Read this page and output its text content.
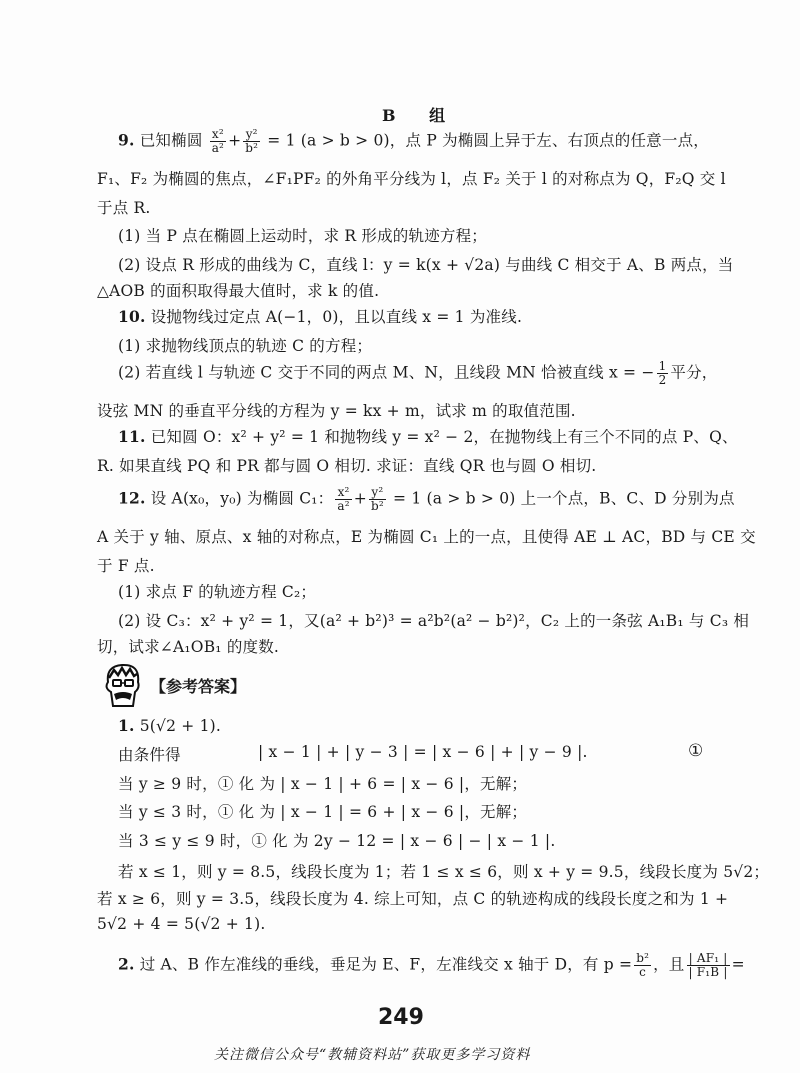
B 组
9. 已知椭圆 $\frac{\text{x²}}{\text{a²}} + \frac{\text{y²}}{\text{b²}} = 1$ (a > b > 0)，点 P 为椭圆上异于左、右顶点的任意一点，
F₁、F₂ 为椭圆的焦点，∠F₁PF₂ 的外角平分线为 l，点 F₂ 关于 l 的对称点为 Q，F₂Q 交 l
于点 R.
(1) 当 P 点在椭圆上运动时，求 R 形成的轨迹方程；
(2) 设点 R 形成的曲线为 C，直线 l：y = k(x + √2a) 与曲线 C 相交于 A、B 两点，当
△AOB 的面积取得最大值时，求 k 的值.
10. 设抛物线过定点 A(−1，0)，且以直线 x = 1 为准线.
(1) 求抛物线顶点的轨迹 C 的方程；
(2) 若直线 l 与轨迹 C 交于不同的两点 M、N，且线段 MN 恰被直线 x = − $\frac{1}{2}$ 平分，
设弦 MN 的垂直平分线的方程为 y = kx + m，试求 m 的取值范围.
11. 已知圆 O：x² + y² = 1 和抛物线 y = x² − 2，在抛物线上有三个不同的点 P、Q、
R. 如果直线 PQ 和 PR 都与圆 O 相切. 求证：直线 QR 也与圆 O 相切.
12. 设 A(x₀，y₀) 为椭圆 C₁： $\frac{\text{x²}}{\text{a²}} + \frac{\text{y²}}{\text{b²}} = 1$ (a > b > 0) 上一个点，B、C、D 分别为点
A 关于 y 轴、原点、x 轴的对称点，E 为椭圆 C₁ 上的一点，且使得 AE ⊥ AC，BD 与 CE 交
于 F 点.
(1) 求点 F 的轨迹方程 C₂；
(2) 设 C₃：x² + y² = 1，又(a² + b²)³ = a²b²(a² − b²)²，C₂ 上的一条弦 A₁B₁ 与 C₃ 相
切，试求∠A₁OB₁ 的度数.
【参考答案】
1. 5(√2 + 1).
由条件得	| x − 1 | + | y − 3 | = | x − 6 | + | y − 9 |.	①
当 y ≥ 9 时，① 化 为 | x − 1 | + 6 = | x − 6 |，无解；
当 y ≤ 3 时，① 化 为 | x − 1 | = 6 + | x − 6 |，无解；
当 3 ≤ y ≤ 9 时，① 化 为 2y − 12 = | x − 6 | − | x − 1 |.
若 x ≤ 1，则 y = 8.5，线段长度为 1；若 1 ≤ x ≤ 6，则 x + y = 9.5，线段长度为 5√2；
若 x ≥ 6，则 y = 3.5，线段长度为 4. 综上可知，点 C 的轨迹构成的线段长度之和为 1 +
5√2 + 4 = 5(√2 + 1).
2. 过 A、B 作左准线的垂线，垂足为 E、F，左准线交 x 轴于 D，有 $p = \frac{\text{b²}}{c}$ ，且 $\frac{\text{| AF₁ |}}{\text{| F₁B |}}$ =
249
关注微信公众号“教辅资料站”获取更多学习资料
